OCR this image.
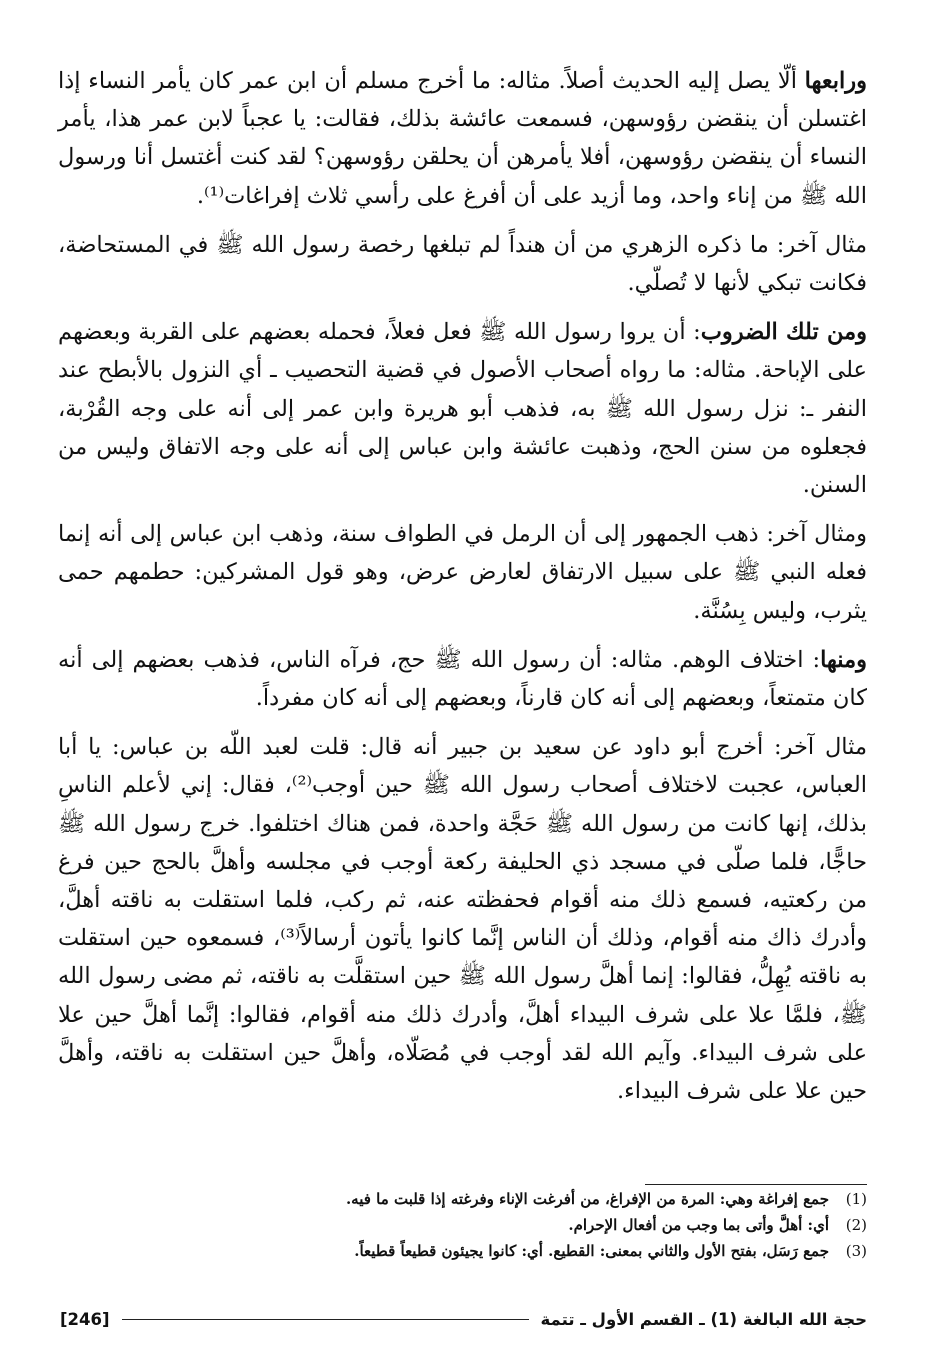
ورابعها ألّا يصل إليه الحديث أصلاً. مثاله: ما أخرج مسلم أن ابن عمر كان يأمر النساء إذا اغتسلن أن ينقضن رؤوسهن، فسمعت عائشة بذلك، فقالت: يا عجباً لابن عمر هذا، يأمر النساء أن ينقضن رؤوسهن، أفلا يأمرهن أن يحلقن رؤوسهن؟ لقد كنت أغتسل أنا ورسول الله ﷺ من إناء واحد، وما أزيد على أن أفرغ على رأسي ثلاث إفراغات⁽¹⁾.

مثال آخر: ما ذكره الزهري من أن هنداً لم تبلغها رخصة رسول الله ﷺ في المستحاضة، فكانت تبكي لأنها لا تُصلّي.

ومن تلك الضروب: أن يروا رسول الله ﷺ فعل فعلاً، فحمله بعضهم على القربة وبعضهم على الإباحة. مثاله: ما رواه أصحاب الأصول في قضية التحصيب ـ أي النزول بالأبطح عند النفر ـ: نزل رسول الله ﷺ به، فذهب أبو هريرة وابن عمر إلى أنه على وجه القُرْبة، فجعلوه من سنن الحج، وذهبت عائشة وابن عباس إلى أنه على وجه الاتفاق وليس من السنن.

ومثال آخر: ذهب الجمهور إلى أن الرمل في الطواف سنة، وذهب ابن عباس إلى أنه إنما فعله النبي ﷺ على سبيل الارتفاق لعارض عرض، وهو قول المشركين: حطمهم حمى يثرب، وليس بِسُنَّة.

ومنها: اختلاف الوهم. مثاله: أن رسول الله ﷺ حج، فرآه الناس، فذهب بعضهم إلى أنه كان متمتعاً، وبعضهم إلى أنه كان قارناً، وبعضهم إلى أنه كان مفرداً.

مثال آخر: أخرج أبو داود عن سعيد بن جبير أنه قال: قلت لعبد اللّه بن عباس: يا أبا العباس، عجبت لاختلاف أصحاب رسول الله ﷺ حين أوجب⁽²⁾، فقال: إني لأعلم الناسِ بذلك، إنها كانت من رسول الله ﷺ حَجَّة واحدة، فمن هناك اختلفوا. خرج رسول الله ﷺ حاجًّا، فلما صلّى في مسجد ذي الحليفة ركعة أوجب في مجلسه وأهلَّ بالحج حين فرغ من ركعتيه، فسمع ذلك منه أقوام فحفظته عنه، ثم ركب، فلما استقلت به ناقته أهلَّ، وأدرك ذاك منه أقوام، وذلك أن الناس إنَّما كانوا يأتون أرسالاً⁽³⁾، فسمعوه حين استقلت به ناقته يُهِلُّ، فقالوا: إنما أهلَّ رسول الله ﷺ حين استقلَّت به ناقته، ثم مضى رسول الله ﷺ، فلمَّا علا على شرف البيداء أهلَّ، وأدرك ذلك منه أقوام، فقالوا: إنَّما أهلَّ حين علا على شرف البيداء. وآيم الله لقد أوجب في مُصَلّاه، وأهلَّ حين استقلت به ناقته، وأهلَّ حين علا على شرف البيداء.

(1)
جمع إفراغة وهي: المرة من الإفراغ، من أفرغت الإناء وفرغته إذا قلبت ما فيه.
(2)
أي: أهلَّ وأتى بما وجب من أفعال الإحرام.
(3)
جمع رَسَل، بفتح الأول والثاني بمعنى: القطيع. أي: كانوا يجيئون قطيعاً قطيعاً.
حجة الله البالغة (1) ـ القسم الأول ـ تتمة
[246]
